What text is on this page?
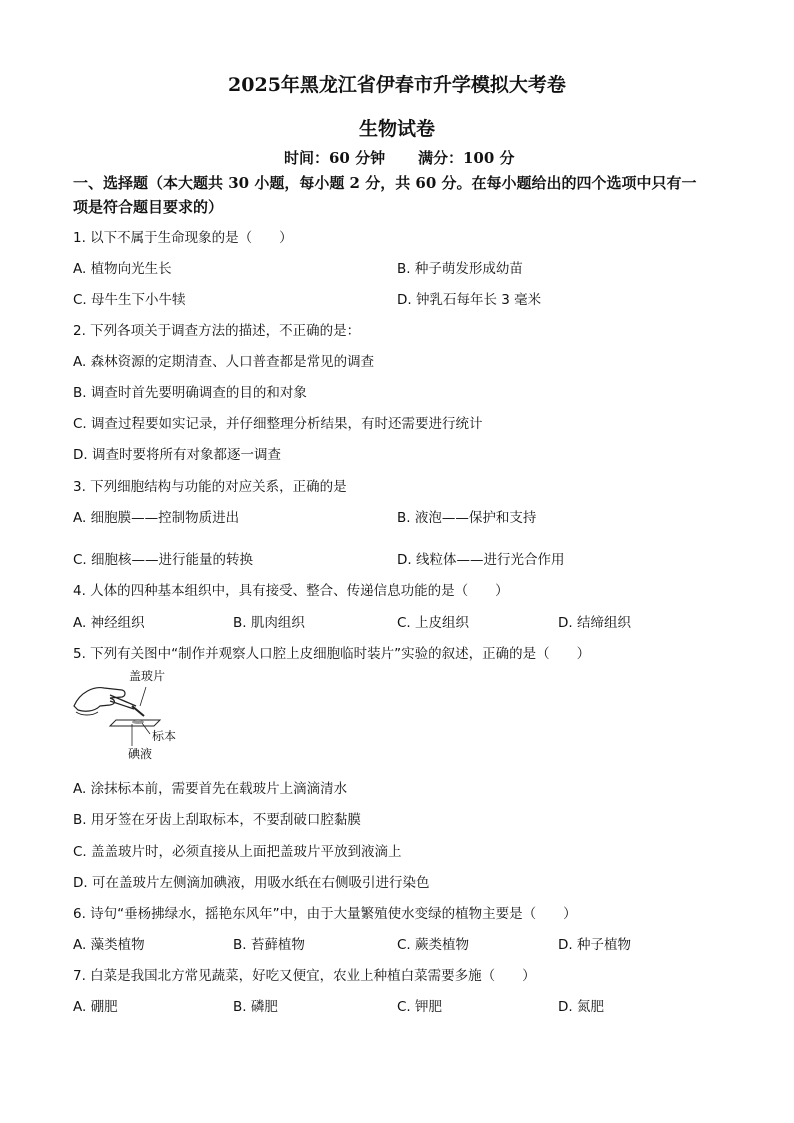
2025年黑龙江省伊春市升学模拟大考卷
生物试卷
时间：60 分钟 满分：100 分
一、选择题（本大题共 30 小题，每小题 2 分，共 60 分。在每小题给出的四个选项中只有一
项是符合题目要求的）
1. 以下不属于生命现象的是（　　）
A. 植物向光生长	B. 种子萌发形成幼苗
C. 母牛生下小牛犊	D. 钟乳石每年长 3 毫米
2. 下列各项关于调查方法的描述，不正确的是：
A. 森林资源的定期清查、人口普查都是常见的调查
B. 调查时首先要明确调查的目的和对象
C. 调查过程要如实记录，并仔细整理分析结果，有时还需要进行统计
D. 调查时要将所有对象都逐一调查
3. 下列细胞结构与功能的对应关系，正确的是
A. 细胞膜——控制物质进出	B. 液泡——保护和支持
C. 细胞核——进行能量的转换	D. 线粒体——进行光合作用
4. 人体的四种基本组织中，具有接受、整合、传递信息功能的是（　　）
A. 神经组织	B. 肌肉组织	C. 上皮组织	D. 结缔组织
5. 下列有关图中“制作并观察人口腔上皮细胞临时装片”实验的叙述，正确的是（　　）
盖玻片
标本
碘液
A. 涂抹标本前，需要首先在载玻片上滴滴清水
B. 用牙签在牙齿上刮取标本，不要刮破口腔黏膜
C. 盖盖玻片时，必须直接从上面把盖玻片平放到液滴上
D. 可在盖玻片左侧滴加碘液，用吸水纸在右侧吸引进行染色
6. 诗句“垂杨拂绿水，摇艳东风年”中，由于大量繁殖使水变绿的植物主要是（　　）
A. 藻类植物	B. 苔藓植物	C. 蕨类植物	D. 种子植物
7. 白菜是我国北方常见蔬菜，好吃又便宜，农业上种植白菜需要多施（　　）
A. 硼肥	B. 磷肥	C. 钾肥	D. 氮肥
